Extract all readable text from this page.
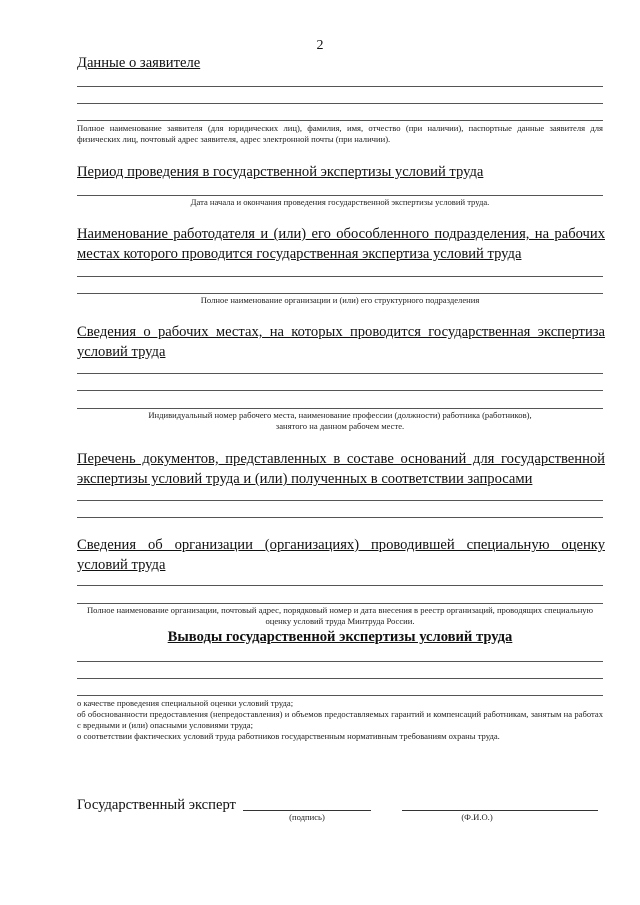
2
Данные о заявителе
Полное наименование заявителя (для юридических лиц), фамилия, имя, отчество (при наличии), паспортные данные заявителя для физических лиц, почтовый адрес заявителя, адрес электронной почты (при наличии).
Период проведения в государственной экспертизы условий труда
Дата начала и окончания проведения государственной экспертизы условий труда.
Наименование работодателя и (или) его обособленного подразделения, на рабочих местах которого проводится государственная экспертиза условий труда
Полное наименование организации и (или) его структурного подразделения
Сведения о рабочих местах, на которых проводится государственная экспертиза условий труда
Индивидуальный номер рабочего места, наименование профессии (должности) работника (работников),
занятого на данном рабочем месте.
Перечень документов, представленных в составе оснований для государственной экспертизы условий труда и (или) полученных в соответствии запросами
Сведения об организации (организациях) проводившей специальную оценку условий труда
Полное наименование организации, почтовый адрес, порядковый номер и дата внесения в реестр организаций, проводящих специальную оценку условий труда Минтруда России.
Выводы государственной экспертизы условий труда
о качестве проведения специальной оценки условий труда;
об обоснованности предоставления (непредоставления) и объемов предоставляемых гарантий и компенсаций работникам, занятым на работах с вредными и (или) опасными условиями труда;
о соответствии фактических условий труда работников государственным нормативным требованиям охраны труда.
Государственный эксперт
(подпись)	(Ф.И.О.)
